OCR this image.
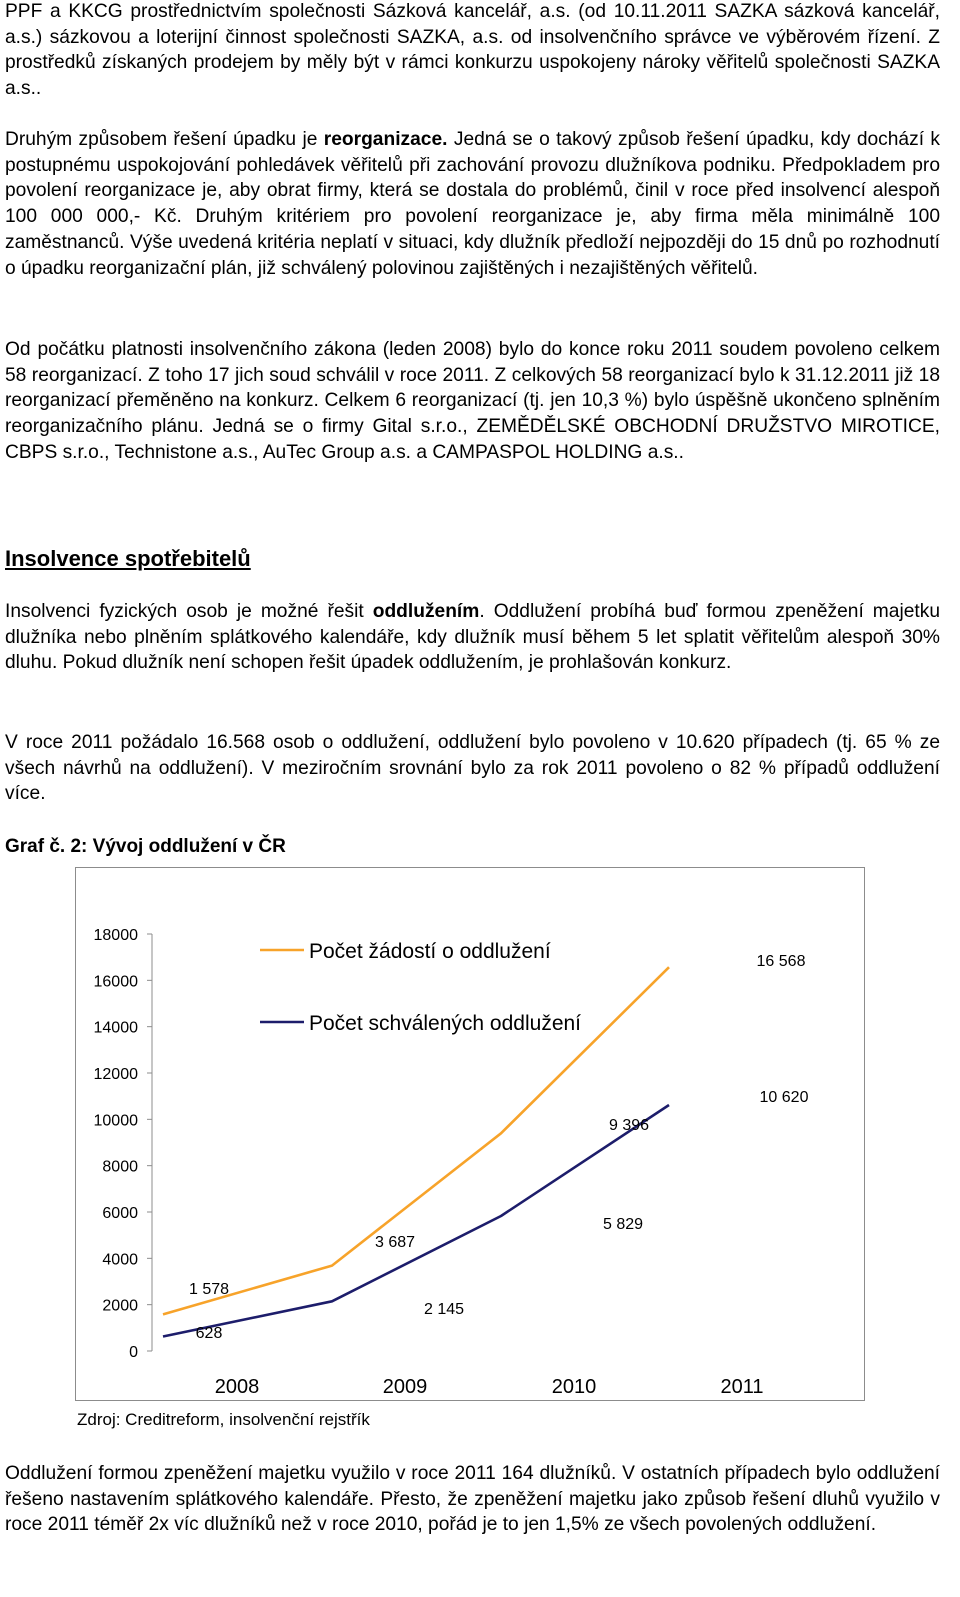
PPF a KKCG prostřednictvím společnosti Sázková kancelář, a.s. (od 10.11.2011 SAZKA sázková kancelář, a.s.) sázkovou a loterijní činnost společnosti SAZKA, a.s. od insolvenčního správce ve výběrovém řízení. Z prostředků získaných prodejem by měly být v rámci konkurzu uspokojeny nároky věřitelů společnosti SAZKA a.s..

Druhým způsobem řešení úpadku je reorganizace. Jedná se o takový způsob řešení úpadku, kdy dochází k postupnému uspokojování pohledávek věřitelů při zachování provozu dlužníkova podniku. Předpokladem pro povolení reorganizace je, aby obrat firmy, která se dostala do problémů, činil v roce před insolvencí alespoň 100 000 000,- Kč. Druhým kritériem pro povolení reorganizace je, aby firma měla minimálně 100 zaměstnanců. Výše uvedená kritéria neplatí v situaci, kdy dlužník předloží nejpozději do 15 dnů po rozhodnutí o úpadku reorganizační plán, již schválený polovinou zajištěných i nezajištěných věřitelů.

Od počátku platnosti insolvenčního zákona (leden 2008) bylo do konce roku 2011 soudem povoleno celkem 58 reorganizací. Z toho 17 jich soud schválil v roce 2011. Z celkových 58 reorganizací bylo k 31.12.2011 již 18 reorganizací přeměněno na konkurz. Celkem 6 reorganizací (tj. jen 10,3 %) bylo úspěšně ukončeno splněním reorganizačního plánu. Jedná se o firmy Gital s.r.o., ZEMĚDĚLSKÉ OBCHODNÍ DRUŽSTVO MIROTICE, CBPS s.r.o., Technistone a.s., AuTec Group a.s. a CAMPASPOL HOLDING a.s..

Insolvence spotřebitelů

Insolvenci fyzických osob je možné řešit oddlužením. Oddlužení probíhá buď formou zpeněžení majetku dlužníka nebo plněním splátkového kalendáře, kdy dlužník musí během 5 let splatit věřitelům alespoň 30% dluhu. Pokud dlužník není schopen řešit úpadek oddlužením, je prohlašován konkurz.

V roce 2011 požádalo 16.568 osob o oddlužení, oddlužení bylo povoleno v 10.620 případech (tj. 65 % ze všech návrhů na oddlužení). V meziročním srovnání bylo za rok 2011 povoleno o 82 % případů oddlužení více.

Graf č. 2: Vývoj oddlužení v ČR

0
2000
4000
6000
8000
10000
12000
14000
16000
18000
2008	2009	2010	2011
1 578
3 687
9 396
16 568
628
2 145
5 829
10 620
Počet žádostí o oddlužení
Počet schválených oddlužení
Zdroj: Creditreform, insolvenční rejstřík

Oddlužení formou zpeněžení majetku využilo v roce 2011 164 dlužníků. V ostatních případech bylo oddlužení řešeno nastavením splátkového kalendáře. Přesto, že zpeněžení majetku jako způsob řešení dluhů využilo v roce 2011 téměř 2x víc dlužníků než v roce 2010, pořád je to jen 1,5% ze všech povolených oddlužení.
